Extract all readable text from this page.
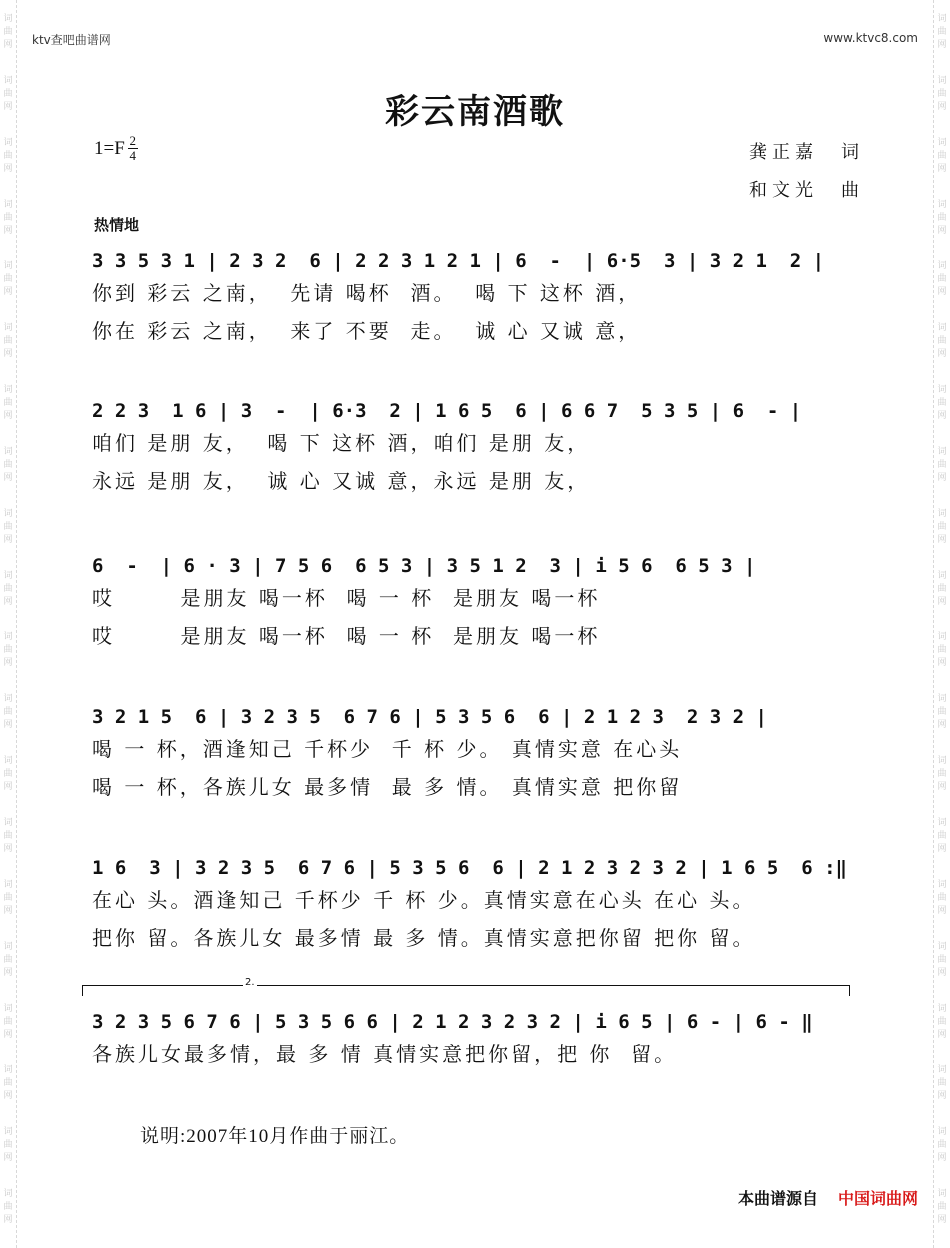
词
曲
网
词
曲
网
词
曲
网
词
曲
网
词
曲
网
词
曲
网
词
曲
网
词
曲
网
词
曲
网
词
曲
网
词
曲
网
词
曲
网
词
曲
网
词
曲
网
词
曲
网
词
曲
网
词
曲
网
词
曲
网
词
曲
网
词
曲
网
词
曲
网
词
曲
网
词
曲
网
词
曲
网
词
曲
网
词
曲
网
词
曲
网
词
曲
网
词
曲
网
词
曲
网
词
曲
网
词
曲
网
词
曲
网
词
曲
网
词
曲
网
词
曲
网
词
曲
网
词
曲
网
词
曲
网
词
曲
网
ktv查吧曲谱网	www.ktvc8.com
彩云南酒歌
$1=F \frac{2}{4}$	龚正嘉　词
和文光　曲
热情地
3 3 5 3 1 | 2 3 2  6 | 2 2 3 1 2 1 | 6  -  | 6·5  3 | 3 2 1  2 |
你到 彩云 之南，  先请 喝杯  酒。  喝 下 这杯 酒，
你在 彩云 之南，  来了 不要  走。  诚 心 又诚 意，
2 2 3  1 6 | 3  -  | 6·3  2 | 1 6 5  6 | 6 6 7  5 3 5 | 6  - |
咱们 是朋 友，  喝 下 这杯 酒，咱们 是朋 友，
永远 是朋 友，  诚 心 又诚 意，永远 是朋 友，
6  -  | 6 · 3 | 7 5 6  6 5 3 | 3 5 1 2  3 | i 5 6  6 5 3 |
哎       是朋友 喝一杯  喝 一 杯  是朋友 喝一杯
哎       是朋友 喝一杯  喝 一 杯  是朋友 喝一杯
3 2 1 5  6 | 3 2 3 5  6 7 6 | 5 3 5 6  6 | 2 1 2 3  2 3 2 |
喝 一 杯，酒逢知己 千杯少  千 杯 少。 真情实意 在心头
喝 一 杯，各族儿女 最多情  最 多 情。 真情实意 把你留
1 6  3 | 3 2 3 5  6 7 6 | 5 3 5 6  6 | 2 1 2 3 2 3 2 | 1 6 5  6 :‖
在心 头。酒逢知己 千杯少 千 杯 少。真情实意在心头 在心 头。
把你 留。各族儿女 最多情 最 多 情。真情实意把你留 把你 留。
2.
3 2 3 5 6 7 6 | 5 3 5 6 6 | 2 1 2 3 2 3 2 | i 6 5 | 6 - | 6 - ‖
各族儿女最多情，最 多 情 真情实意把你留，把 你  留。
说明:2007年10月作曲于丽江。
本曲谱源自 中国词曲网
